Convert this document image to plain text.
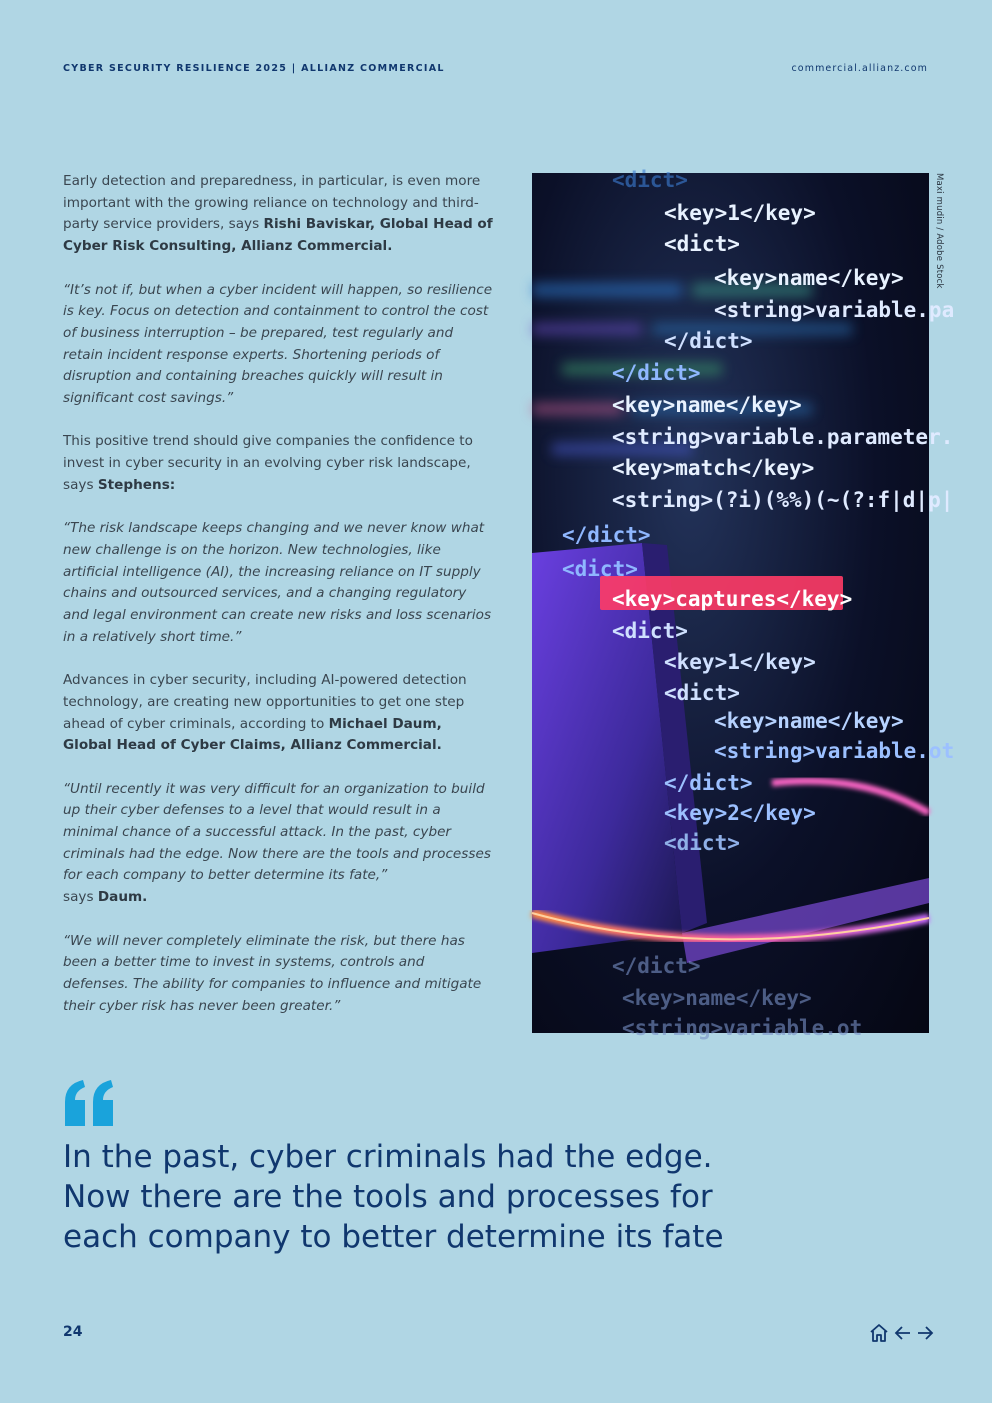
CYBER SECURITY RESILIENCE 2025 | ALLIANZ COMMERCIAL	commercial.allianz.com

Early detection and preparedness, in particular, is even more important with the growing reliance on technology and third-party service providers, says Rishi Baviskar, Global Head of Cyber Risk Consulting, Allianz Commercial.

“It’s not if, but when a cyber incident will happen, so resilience is key. Focus on detection and containment to control the cost of business interruption – be prepared, test regularly and retain incident response experts. Shortening periods of disruption and containing breaches quickly will result in significant cost savings.”

This positive trend should give companies the confidence to invest in cyber security in an evolving cyber risk landscape, says Stephens:

“The risk landscape keeps changing and we never know what new challenge is on the horizon. New technologies, like artificial intelligence (AI), the increasing reliance on IT supply chains and outsourced services, and a changing regulatory and legal environment can create new risks and loss scenarios in a relatively short time.”

Advances in cyber security, including AI-powered detection technology, are creating new opportunities to get one step ahead of cyber criminals, according to Michael Daum, Global Head of Cyber Claims, Allianz Commercial.

“Until recently it was very difficult for an organization to build up their cyber defenses to a level that would result in a minimal chance of a successful attack. In the past, cyber criminals had the edge. Now there are the tools and processes for each company to better determine its fate,”
says Daum.

“We will never completely eliminate the risk, but there has been a better time to invest in systems, controls and defenses. The ability for companies to influence and mitigate their cyber risk has never been greater.”

<dict>
<key>1</key>
<dict>
<key>name</key>
<string>variable.pa
</dict>
</dict>
<key>name</key>
<string>variable.parameter.
<key>match</key>
<string>(?i)(%%)(~(?:f|d|p|
</dict>
<dict>
<key>captures</key>
<dict>
<key>1</key>
<dict>
<key>name</key>
<string>variable.ot
</dict>
<key>2</key>
<dict>
</dict>
<key>name</key>
<string>variable.ot
Maxi mudin / Adobe Stock
In the past, cyber criminals had the edge.
Now there are the tools and processes for
each company to better determine its fate
24
